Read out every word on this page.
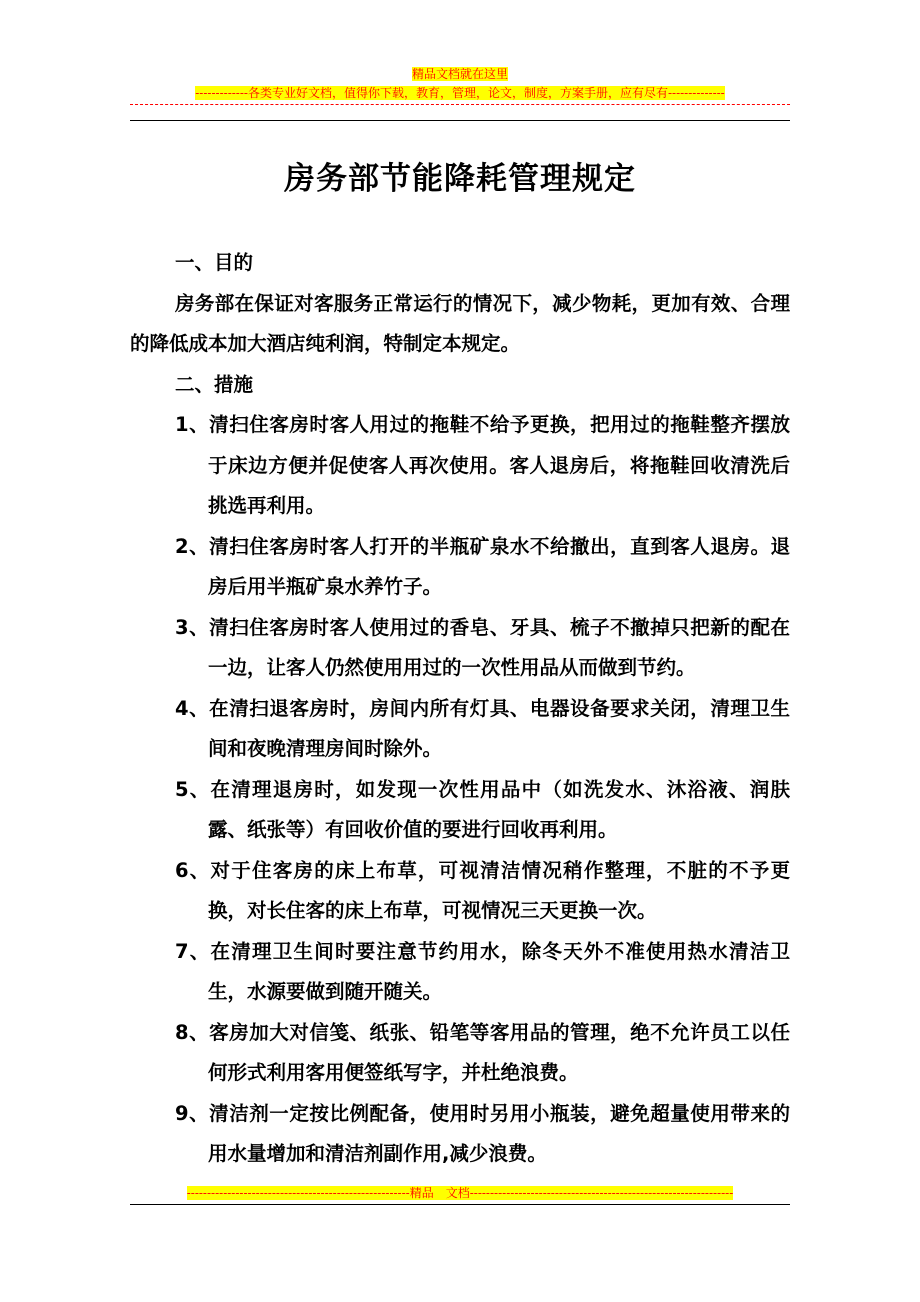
精品文档就在这里
-------------各类专业好文档，值得你下载，教育，管理，论文，制度，方案手册，应有尽有--------------
房务部节能降耗管理规定

一、目的

房务部在保证对客服务正常运行的情况下，减少物耗，更加有效、合理的降低成本加大酒店纯利润，特制定本规定。

二、措施

1、清扫住客房时客人用过的拖鞋不给予更换，把用过的拖鞋整齐摆放于床边方便并促使客人再次使用。客人退房后，将拖鞋回收清洗后挑选再利用。

2、清扫住客房时客人打开的半瓶矿泉水不给撤出，直到客人退房。退房后用半瓶矿泉水养竹子。

3、清扫住客房时客人使用过的香皂、牙具、梳子不撤掉只把新的配在一边，让客人仍然使用用过的一次性用品从而做到节约。

4、在清扫退客房时，房间内所有灯具、电器设备要求关闭，清理卫生间和夜晚清理房间时除外。

5、在清理退房时，如发现一次性用品中（如洗发水、沐浴液、润肤露、纸张等）有回收价值的要进行回收再利用。

6、对于住客房的床上布草，可视清洁情况稍作整理，不脏的不予更换，对长住客的床上布草，可视情况三天更换一次。

7、在清理卫生间时要注意节约用水，除冬天外不准使用热水清洁卫生，水源要做到随开随关。

8、客房加大对信笺、纸张、铅笔等客用品的管理，绝不允许员工以任何形式利用客用便签纸写字，并杜绝浪费。

9、清洁剂一定按比例配备，使用时另用小瓶装，避免超量使用带来的用水量增加和清洁剂副作用,减少浪费。

-------------------------------------------------------精品　文档-----------------------------------------------------------------
